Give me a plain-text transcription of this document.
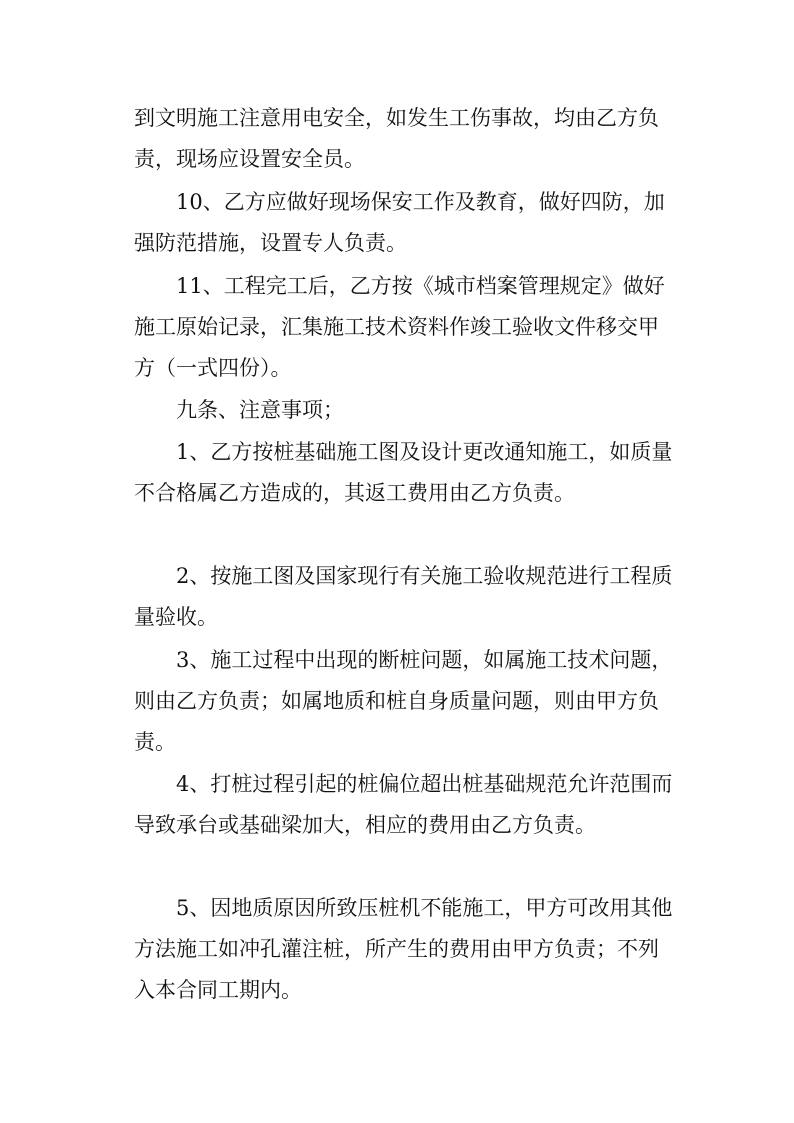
到文明施工注意用电安全，如发生工伤事故，均由乙方负责，现场应设置安全员。

10、乙方应做好现场保安工作及教育，做好四防，加强防范措施，设置专人负责。

11、工程完工后，乙方按《城市档案管理规定》做好施工原始记录，汇集施工技术资料作竣工验收文件移交甲方（一式四份）。

九条、注意事项；

1、乙方按桩基础施工图及设计更改通知施工，如质量不合格属乙方造成的，其返工费用由乙方负责。

2、按施工图及国家现行有关施工验收规范进行工程质量验收。

3、施工过程中出现的断桩问题，如属施工技术问题，则由乙方负责；如属地质和桩自身质量问题，则由甲方负责。

4、打桩过程引起的桩偏位超出桩基础规范允许范围而导致承台或基础梁加大，相应的费用由乙方负责。

5、因地质原因所致压桩机不能施工，甲方可改用其他方法施工如冲孔灌注桩，所产生的费用由甲方负责；不列入本合同工期内。
